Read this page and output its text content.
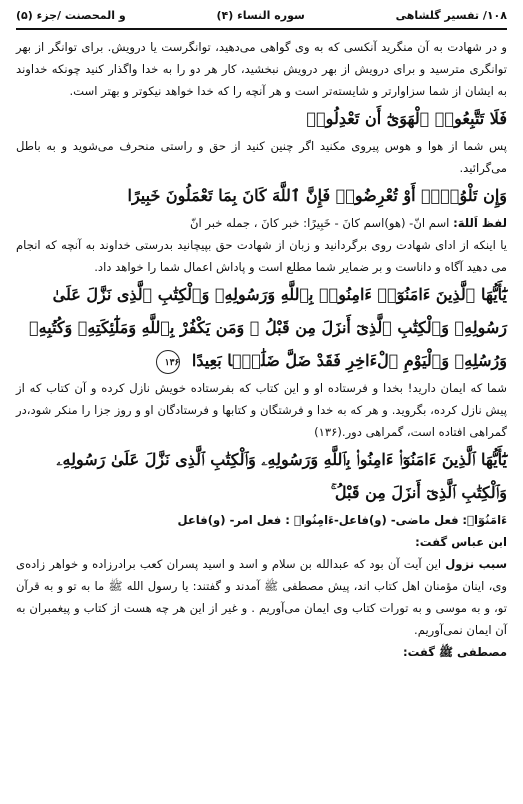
۱۰۸/ تفسیر گلشاهی
سوره النساء (۴)
و المحصنت /جزء (۵)

و در شهادت به آن منگرید آنکسی که به وی گواهی می‌دهید، توانگرست یا درویش. برای توانگر از بهر توانگری مترسید و برای درویش از بهر درویش نبخشید، کار هر دو را به خدا واگذار کنید چونکه خداوند به ایشان از شما سزاوارتر و شایسته‌تر است و هر آنچه را که خدا خواهد نیکوتر و بهتر است.

فَلَا تَتَّبِعُوا۟ ٱلْهَوَىٰٓ أَن تَعْدِلُوا۟

پس شما از هوا و هوس پیروی مکنید اگر چنین کنید از حق و راستی منحرف می‌شوید و به باطل می‌گرائید.

وَإِن تَلْوُۥٓا۟ أَوْ تُعْرِضُوا۟ فَإِنَّ ٱللَّهَ كَانَ بِمَا تَعْمَلُونَ خَبِيرًا

لفظ اَللهَ: اسم انّ- (هو)اسم کانَ - خَبِيرًا: خبر کانَ ، جمله خبر انّ

یا اینکه از ادای شهادت روی برگردانید و زبان از شهادت حق بپیچانید بدرستی خداوند به آنچه که انجام می دهید آگاه و داناست و بر ضمایر شما مطلع است و پاداش اعمال شما را خواهد داد.

يَٰٓأَيُّهَا ٱلَّذِينَ ءَامَنُوٓا۟ ءَامِنُوا۟ بِٱللَّهِ وَرَسُولِهِۦ وَٱلْكِتَٰبِ ٱلَّذِى نَزَّلَ عَلَىٰ رَسُولِهِۦ وَٱلْكِتَٰبِ ٱلَّذِىٓ أَنزَلَ مِن قَبْلُ ۚ وَمَن يَكْفُرْ بِٱللَّهِ وَمَلَٰٓئِكَتِهِۦ وَكُتُبِهِۦ وَرُسُلِهِۦ وَٱلْيَوْمِ ٱلْءَاخِرِ فَقَدْ ضَلَّ ضَلَٰلًۢا بَعِيدًا ۱۳۶

شما که ایمان دارید! بخدا و فرستاده او و این کتاب که بفرستاده خویش نازل کرده و آن کتاب که از پیش نازل کرده، بگروید. و هر که به خدا و فرشتگان و کتابها و فرستادگان او و روز جزا را منکر شود،در گمراهی افتاده است، گمراهی دور.(۱۳۶)

يَٰٓأَيُّهَا ٱلَّذِينَ ءَامَنُوٓا۟ ءَامِنُوا۟ بِٱللَّهِ وَرَسُولِهِۦ وَٱلْكِتَٰبِ ٱلَّذِى نَزَّلَ عَلَىٰ رَسُولِهِۦ وَٱلْكِتَٰبِ ٱلَّذِىٓ أَنزَلَ مِن قَبْلُ ۚ

ءَامَنُوٓا۟: فعل ماضی- (و)فاعل-ءَامِنُوا۟ : فعل امر- (و)فاعل

ابن عباس گفت:

سبب نزول این آیت آن بود که عبدالله بن سلام و اسد و اسید پسران کعب برادرزاده و خواهر زاده‌ی وی، اینان مؤمنان اهل کتاب اند، پیش مصطفی ﷺ آمدند و گفتند: یا رسول الله ﷺ ما به تو و به قرآن تو، و به موسی و به تورات کتاب وی ایمان می‌آوریم . و غیر از این هر چه هست از کتاب و پیغمبران به آن ایمان نمی‌آوریم.

مصطفی ﷺ گفت:
